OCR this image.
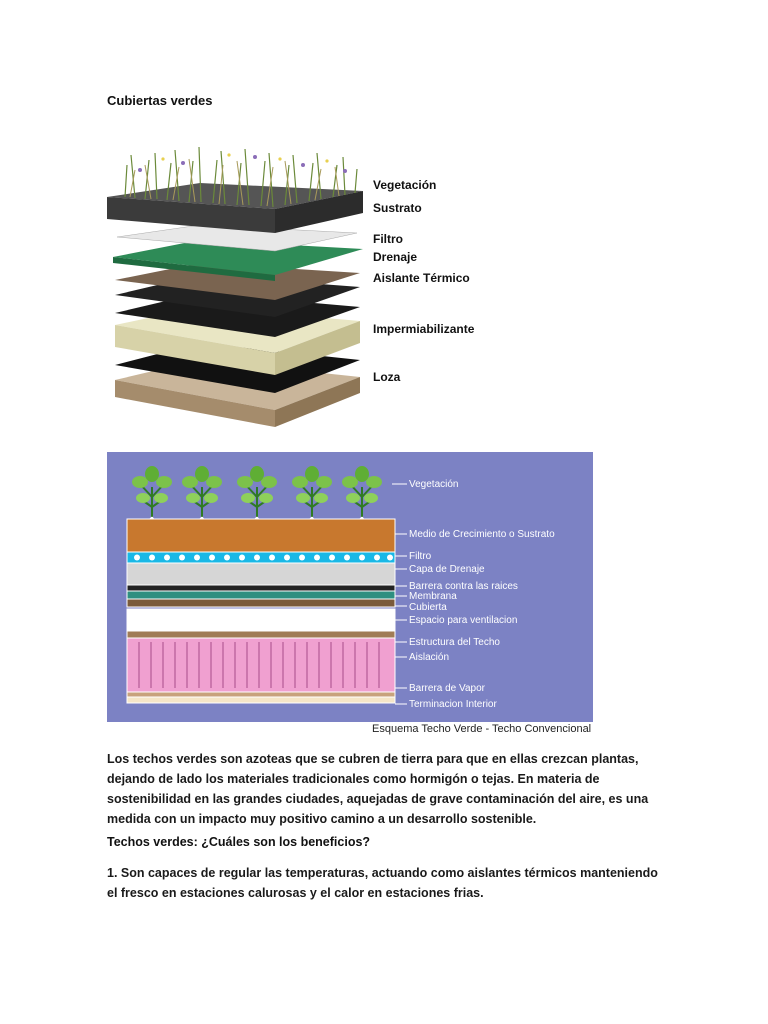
Cubiertas verdes
Vegetación
Sustrato
Filtro
Drenaje
Aislante Térmico
Impermiabilizante
Loza
Vegetación
Medio de Crecimiento o Sustrato
Filtro
Capa de Drenaje
Barrera contra las raices
Membrana
Cubierta
Espacio para ventilacion
Estructura del Techo
Aislación
Barrera de Vapor
Terminacion Interior
Esquema Techo Verde - Techo Convencional
Los techos verdes son azoteas que se cubren de tierra para que en ellas crezcan plantas, dejando de lado los materiales tradicionales como hormigón o tejas. En materia de sostenibilidad en las grandes ciudades, aquejadas de grave contaminación del aire, es una medida con un impacto muy positivo camino a un desarrollo sostenible.
Techos verdes: ¿Cuáles son los beneficios?
1. Son capaces de regular las temperaturas, actuando como aislantes térmicos manteniendo el fresco en estaciones calurosas y el calor en estaciones frias.
